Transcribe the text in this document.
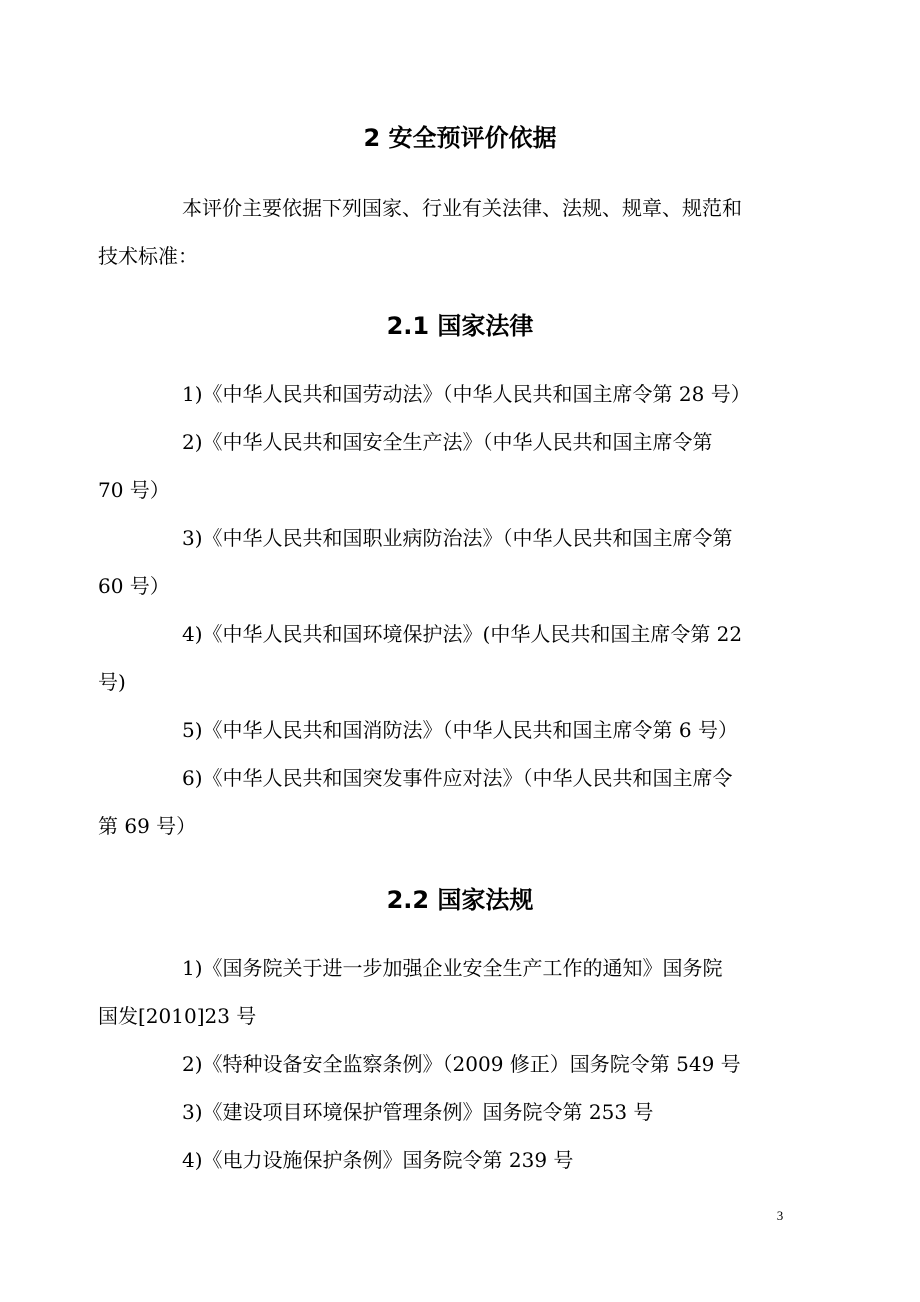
2 安全预评价依据
本评价主要依据下列国家、行业有关法律、法规、规章、规范和
技术标准：
2.1 国家法律
1)《中华人民共和国劳动法》（中华人民共和国主席令第 28 号）
2)《中华人民共和国安全生产法》（中华人民共和国主席令第
70 号）
3)《中华人民共和国职业病防治法》（中华人民共和国主席令第
60 号）
4)《中华人民共和国环境保护法》(中华人民共和国主席令第 22
号)
5)《中华人民共和国消防法》（中华人民共和国主席令第 6 号）
6)《中华人民共和国突发事件应对法》（中华人民共和国主席令
第 69 号）
2.2 国家法规
1)《国务院关于进一步加强企业安全生产工作的通知》国务院
国发[2010]23 号
2)《特种设备安全监察条例》（2009 修正）国务院令第 549 号
3)《建设项目环境保护管理条例》国务院令第 253 号
4)《电力设施保护条例》国务院令第 239 号
3
